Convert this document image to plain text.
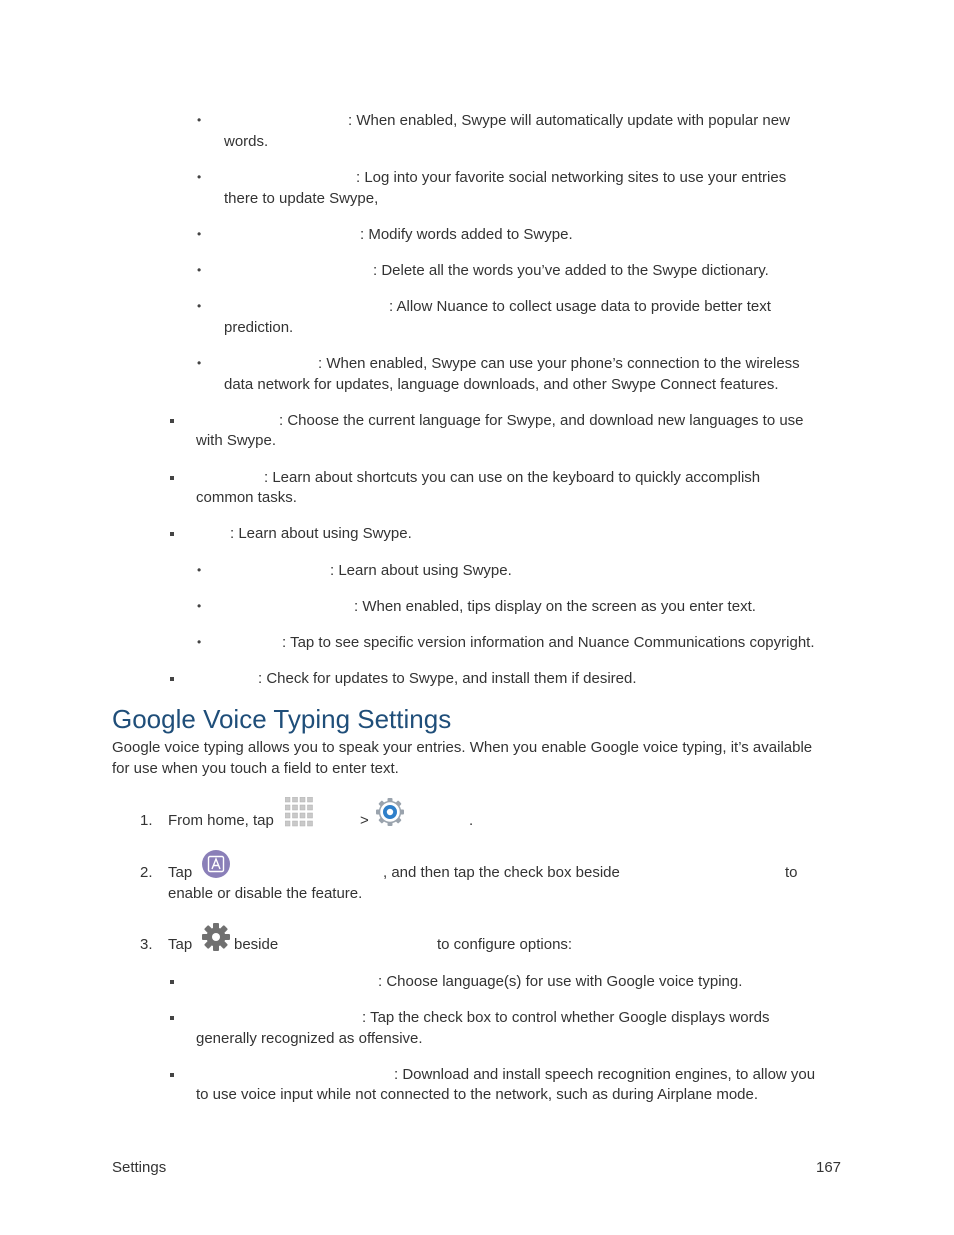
•	: When enabled, Swype will automatically update with popular new
words.
•	: Log into your favorite social networking sites to use your entries
there to update Swype,
•	: Modify words added to Swype.
•	: Delete all the words you’ve added to the Swype dictionary.
•	: Allow Nuance to collect usage data to provide better text
prediction.
•	: When enabled, Swype can use your phone’s connection to the wireless
data network for updates, language downloads, and other Swype Connect features.
: Choose the current language for Swype, and download new languages to use
with Swype.
: Learn about shortcuts you can use on the keyboard to quickly accomplish
common tasks.
: Learn about using Swype.
•	: Learn about using Swype.
•	: When enabled, tips display on the screen as you enter text.
•	: Tap to see specific version information and Nuance Communications copyright.
: Check for updates to Swype, and install them if desired.
Google Voice Typing Settings
Google voice typing allows you to speak your entries. When you enable Google voice typing, it’s available
for use when you touch a field to enter text.
1. From home, tap	>	.
2. Tap	, and then tap the check box beside	to
enable or disable the feature.
3. Tap	beside	to configure options:
: Choose language(s) for use with Google voice typing.
: Tap the check box to control whether Google displays words
generally recognized as offensive.
: Download and install speech recognition engines, to allow you
to use voice input while not connected to the network, such as during Airplane mode.
Settings	167
